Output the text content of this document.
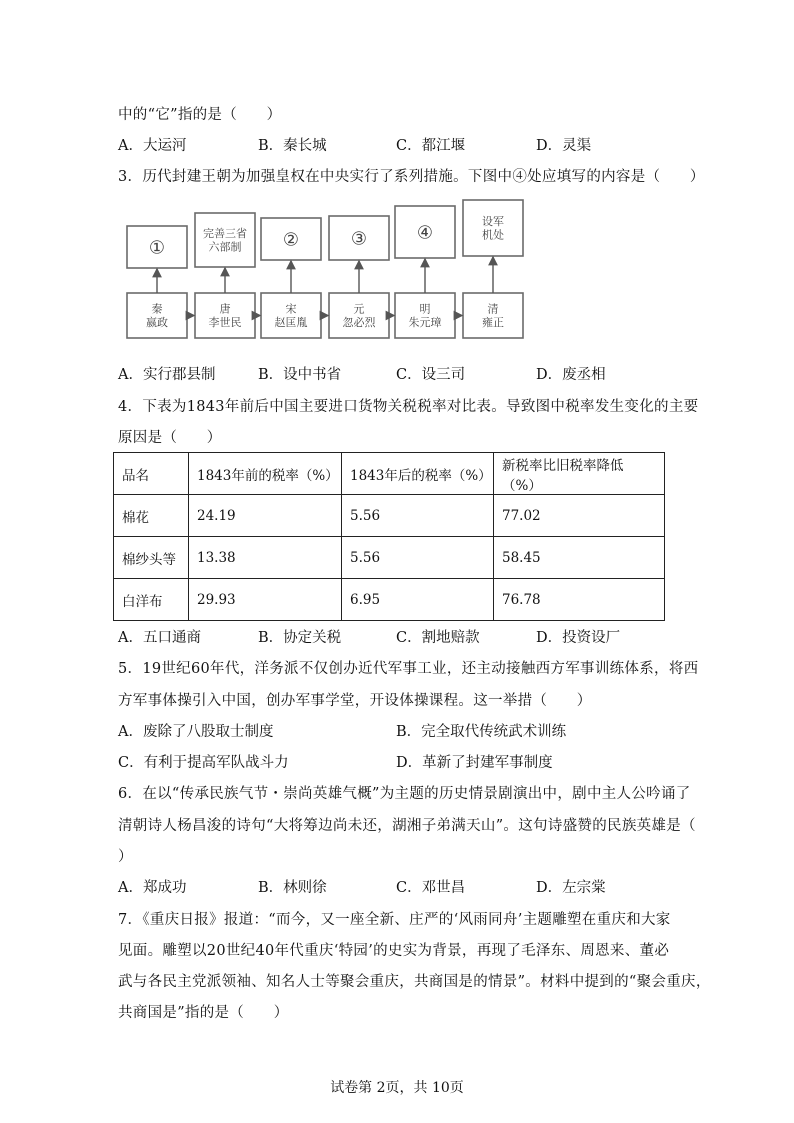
中的“它”指的是（　　）
A．大运河	B．秦长城	C．都江堰	D．灵渠
3．历代封建王朝为加强皇权在中央实行了系列措施。下图中④处应填写的内容是（　　）
①
完善三省六部制	②	③	④
设军机处
秦嬴政
唐李世民
宋赵匡胤
元忽必烈
明朱元璋
清雍正
A．实行郡县制	B．设中书省	C．设三司	D．废丞相
4．下表为1843年前后中国主要进口货物关税税率对比表。导致图中税率发生变化的主要
原因是（　　）
品名	1843年前的税率（%）	1843年后的税率（%）	新税率比旧税率降低（%）
棉花	24.19	5.56	77.02
棉纱头等	13.38	5.56	58.45
白洋布	29.93	6.95	76.78
A．五口通商	B．协定关税	C．割地赔款	D．投资设厂
5．19世纪60年代，洋务派不仅创办近代军事工业，还主动接触西方军事训练体系，将西
方军事体操引入中国，创办军事学堂，开设体操课程。这一举措（　　）
A．废除了八股取士制度	B．完全取代传统武术训练
C．有利于提高军队战斗力	D．革新了封建军事制度
6．在以“传承民族气节・崇尚英雄气概”为主题的历史情景剧演出中，剧中主人公吟诵了
清朝诗人杨昌浚的诗句“大将筹边尚未还，湖湘子弟满天山”。这句诗盛赞的民族英雄是（
）
A．郑成功	B．林则徐	C．邓世昌	D．左宗棠
7．《重庆日报》报道：“而今，又一座全新、庄严的‘风雨同舟’主题雕塑在重庆和大家
见面。雕塑以20世纪40年代重庆‘特园’的史实为背景，再现了毛泽东、周恩来、董必
武与各民主党派领袖、知名人士等聚会重庆，共商国是的情景”。材料中提到的“聚会重庆，
共商国是”指的是（　　）
试卷第 2页，共 10页
